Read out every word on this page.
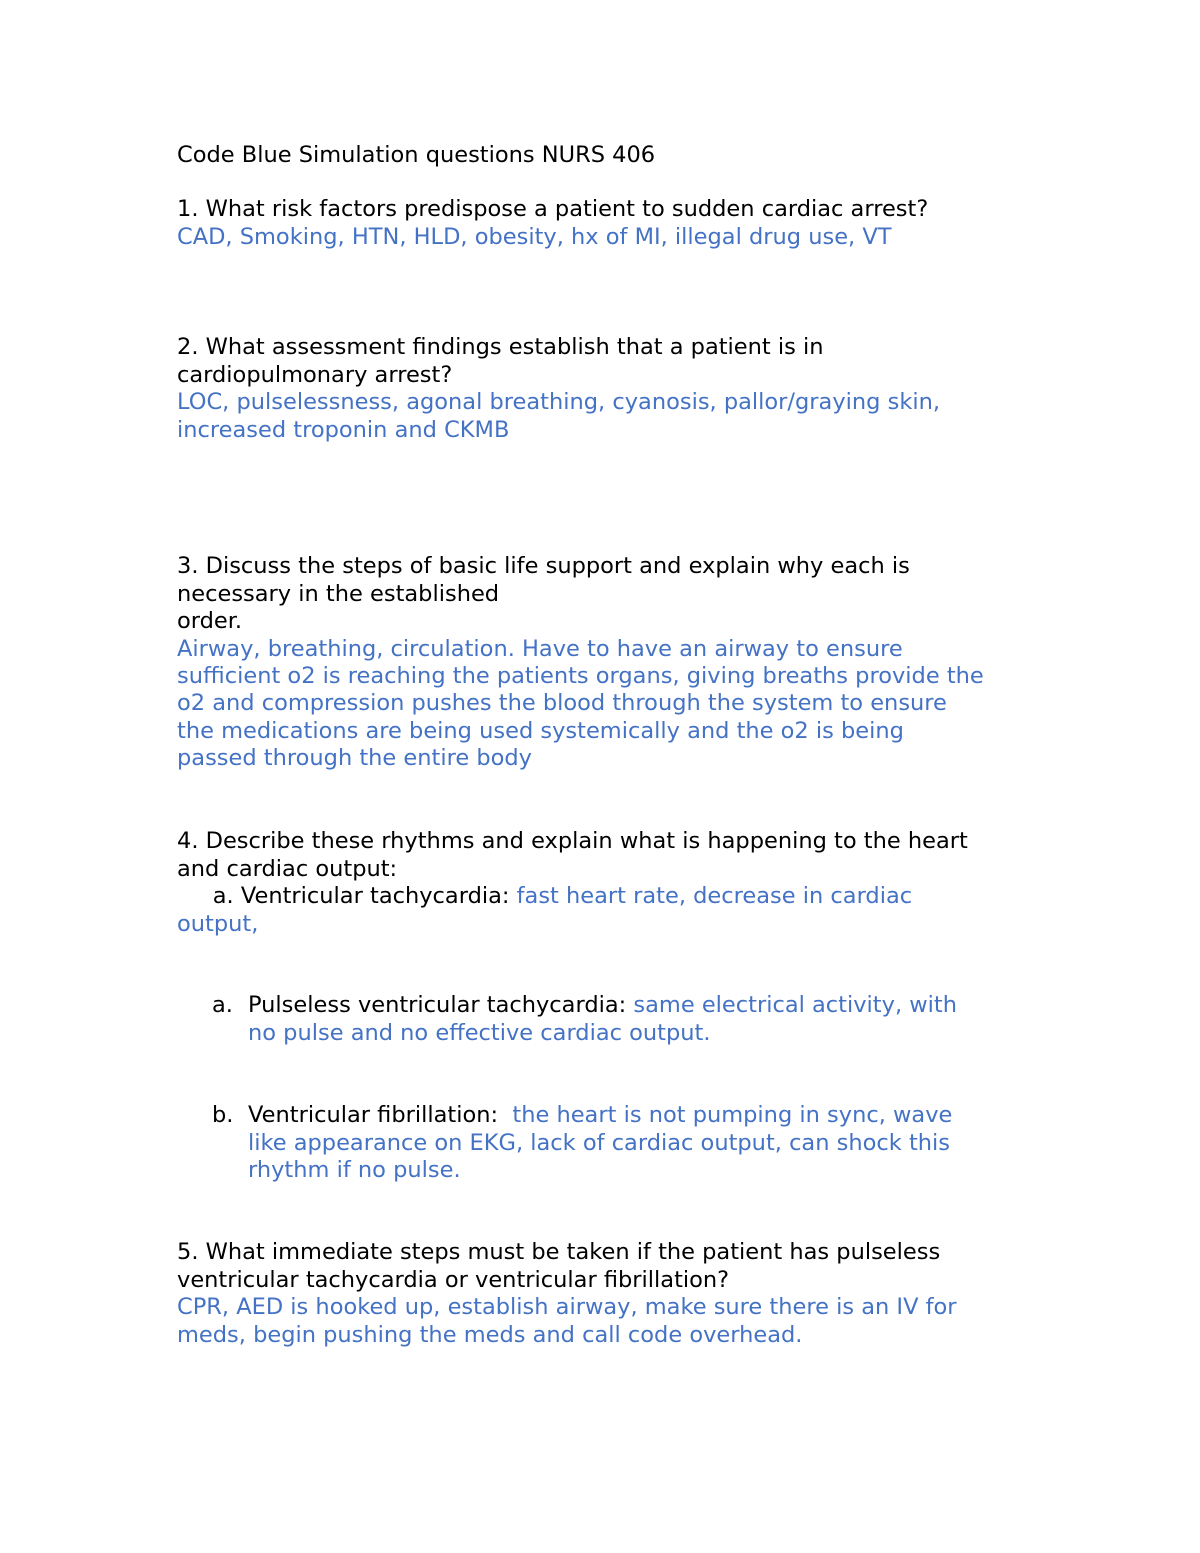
Code Blue Simulation questions NURS 406
1. What risk factors predispose a patient to sudden cardiac arrest?
CAD, Smoking, HTN, HLD, obesity, hx of MI, illegal drug use, VT
2. What assessment findings establish that a patient is in
cardiopulmonary arrest?
LOC, pulselessness, agonal breathing, cyanosis, pallor/graying skin,
increased troponin and CKMB
3. Discuss the steps of basic life support and explain why each is
necessary in the established
order.
Airway, breathing, circulation. Have to have an airway to ensure
sufficient o2 is reaching the patients organs, giving breaths provide the
o2 and compression pushes the blood through the system to ensure
the medications are being used systemically and the o2 is being
passed through the entire body
4. Describe these rhythms and explain what is happening to the heart
and cardiac output:
a. Ventricular tachycardia: fast heart rate, decrease in cardiac
output,
a. Pulseless ventricular tachycardia: same electrical activity, with
no pulse and no effective cardiac output.
b. Ventricular fibrillation:  the heart is not pumping in sync, wave
like appearance on EKG, lack of cardiac output, can shock this
rhythm if no pulse.
5. What immediate steps must be taken if the patient has pulseless
ventricular tachycardia or ventricular fibrillation?
CPR, AED is hooked up, establish airway, make sure there is an IV for
meds, begin pushing the meds and call code overhead.
